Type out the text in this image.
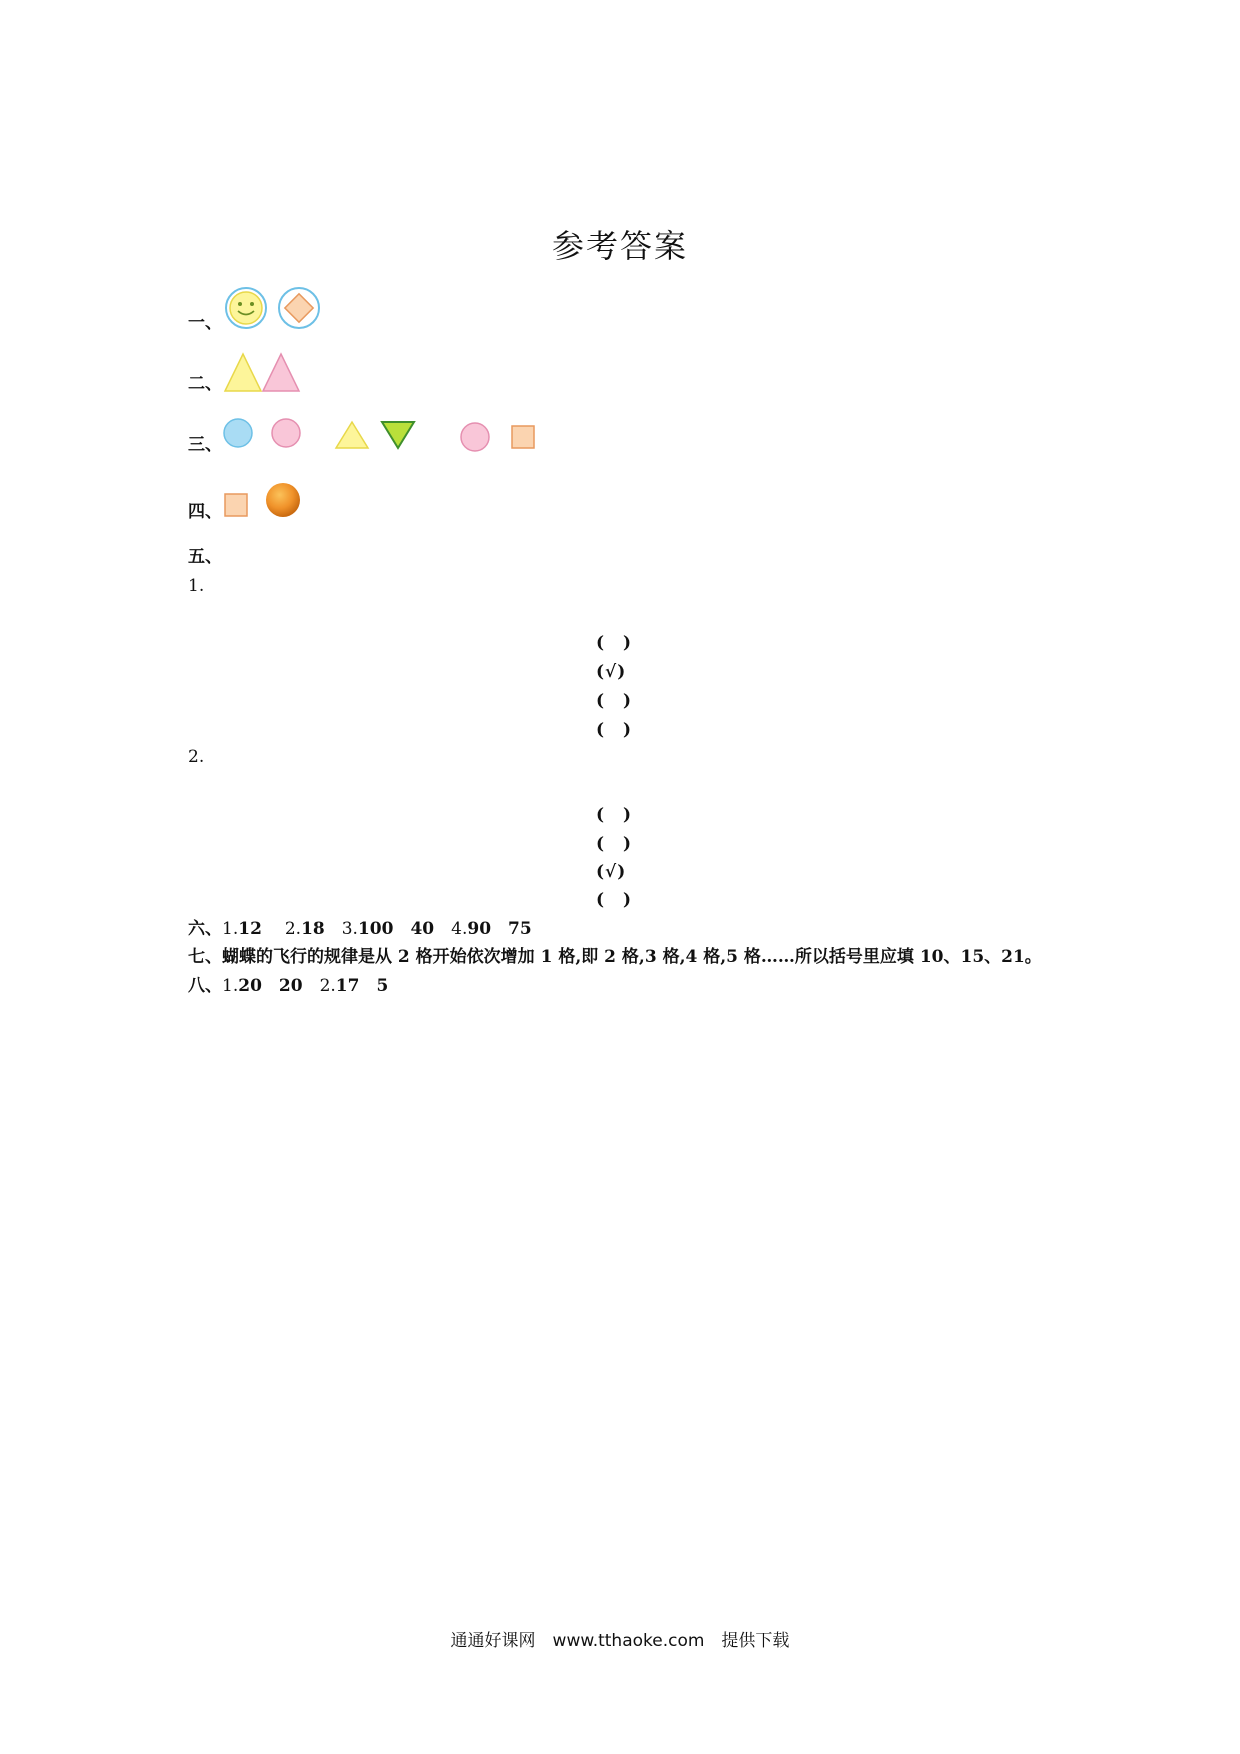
参考答案
一、
二、
三、
四、
五、
1.
(　)
(√)
(　)
(　)
2.
(　)
(　)
(√)
(　)
六、1.12　 2.18　 3.100　40　 4.90　75
七、蝴蝶的飞行的规律是从 2 格开始依次增加 1 格,即 2 格,3 格,4 格,5 格……所以括号里应填 10、15、21。
八、1.20　20　 2.17　5
通通好课网　www.tthaoke.com　提供下载
